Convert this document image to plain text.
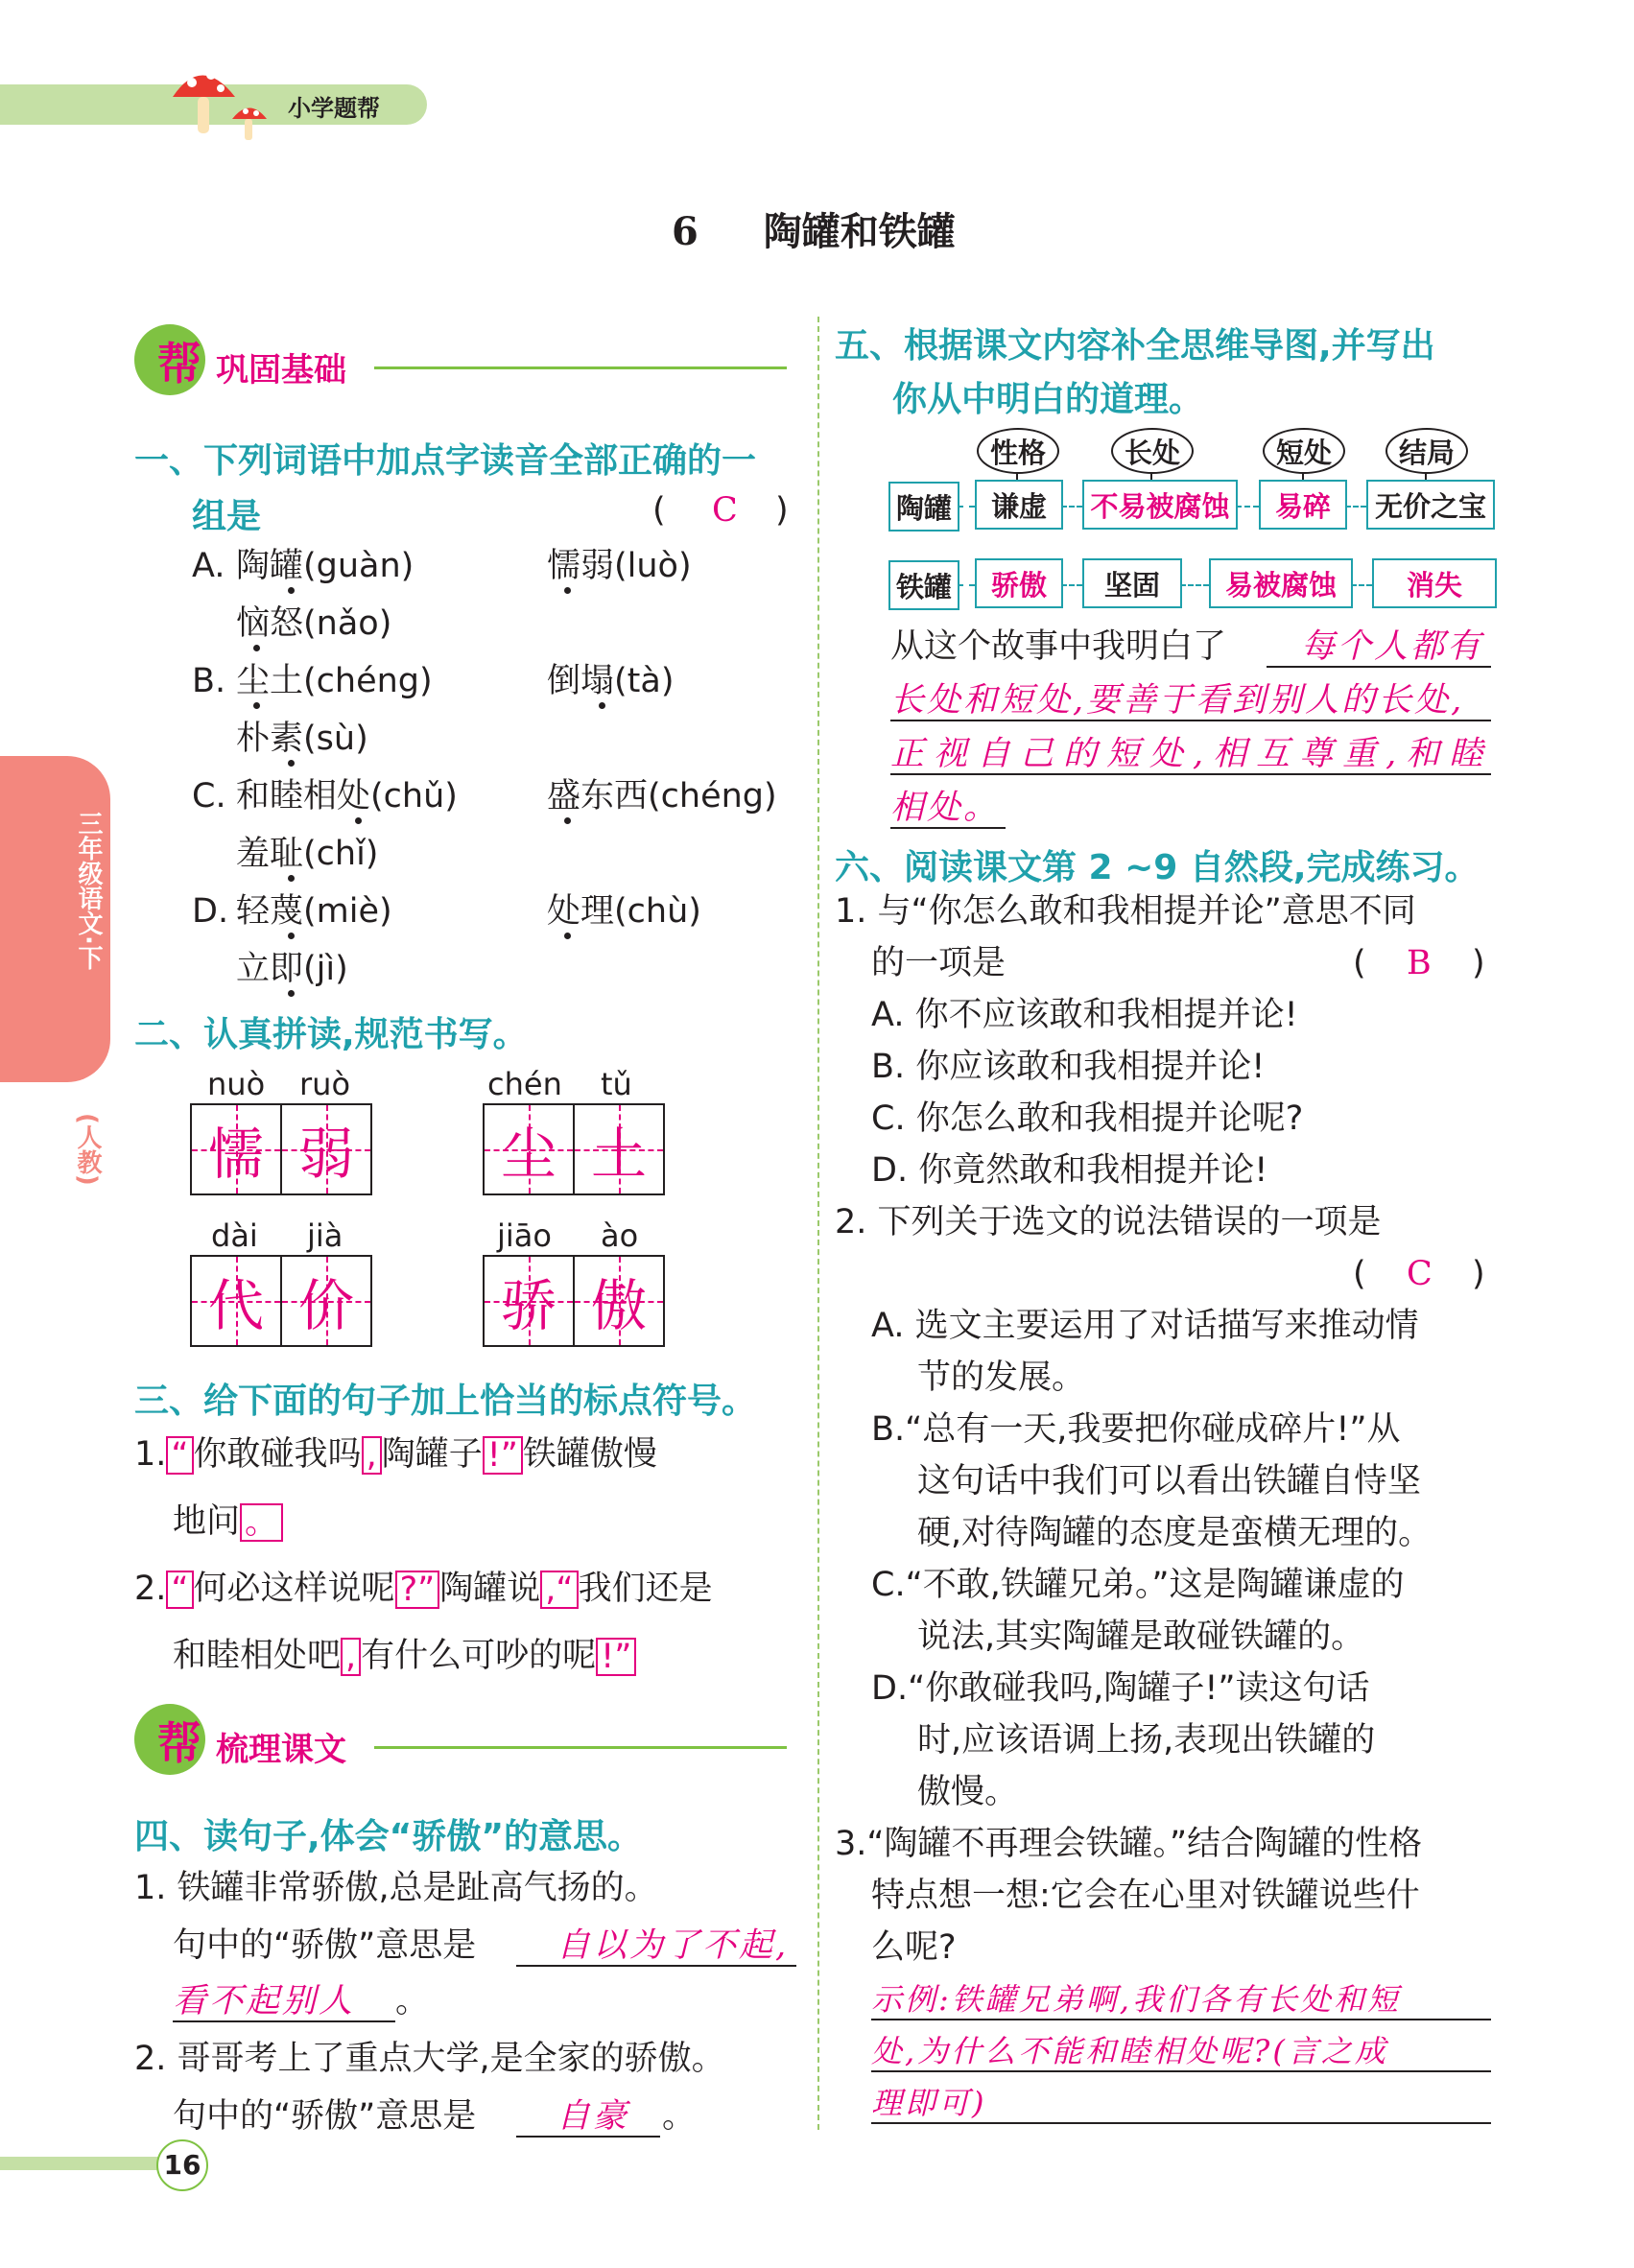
小学题帮
6 陶罐和铁罐
三年级语文·下
(人教)
帮 巩固基础
一、下列词语中加点字读音全部正确的一
组是	( C )
A. 陶罐(guàn)	懦弱(luò)
恼怒(nǎo)
B. 尘土(chéng)	倒塌(tà)
朴素(sù)
C. 和睦相处(chǔ)	盛东西(chéng)
羞耻(chǐ)
D. 轻蔑(miè)	处理(chù)
立即(jì)
二、认真拼读,规范书写。
nuò ruò
懦 弱
chén tǔ
尘 土
dài jià
代 价
jiāo ào
骄 傲
三、给下面的句子加上恰当的标点符号。
1. “ 你敢碰我吗 , 陶罐子 !” 铁罐傲慢
地问 。
2. “ 何必这样说呢 ?” 陶罐说 ,“ 我们还是
和睦相处吧 , 有什么可吵的呢 !”
帮 梳理课文
四、读句子,体会“骄傲”的意思。
1. 铁罐非常骄傲,总是趾高气扬的。
句中的“骄傲”意思是 自以为了不起,
看不起别人 。
2. 哥哥考上了重点大学,是全家的骄傲。
句中的“骄傲”意思是 自豪 。
五、根据课文内容补全思维导图,并写出
你从中明白的道理。
性格	长处	短处	结局
陶罐	谦虚	不易被腐蚀	易碎	无价之宝
铁罐	骄傲	坚固	易被腐蚀	消失
从这个故事中我明白了 每个人都有
长处和短处,要善于看到别人的长处,
正视自己的短处,相互尊重,和睦
相处。
六、阅读课文第 2 ~9 自然段,完成练习。
1. 与“你怎么敢和我相提并论”意思不同
的一项是	( B )
A. 你不应该敢和我相提并论!
B. 你应该敢和我相提并论!
C. 你怎么敢和我相提并论呢?
D. 你竟然敢和我相提并论!
2. 下列关于选文的说法错误的一项是
( C )
A. 选文主要运用了对话描写来推动情
节的发展。
B.“总有一天,我要把你碰成碎片!”从
这句话中我们可以看出铁罐自恃坚
硬,对待陶罐的态度是蛮横无理的。
C.“不敢,铁罐兄弟。”这是陶罐谦虚的
说法,其实陶罐是敢碰铁罐的。
D.“你敢碰我吗,陶罐子!”读这句话
时,应该语调上扬,表现出铁罐的
傲慢。
3.“陶罐不再理会铁罐。”结合陶罐的性格
特点想一想:它会在心里对铁罐说些什
么呢?
示例:铁罐兄弟啊,我们各有长处和短
处,为什么不能和睦相处呢?(言之成
理即可)
16
